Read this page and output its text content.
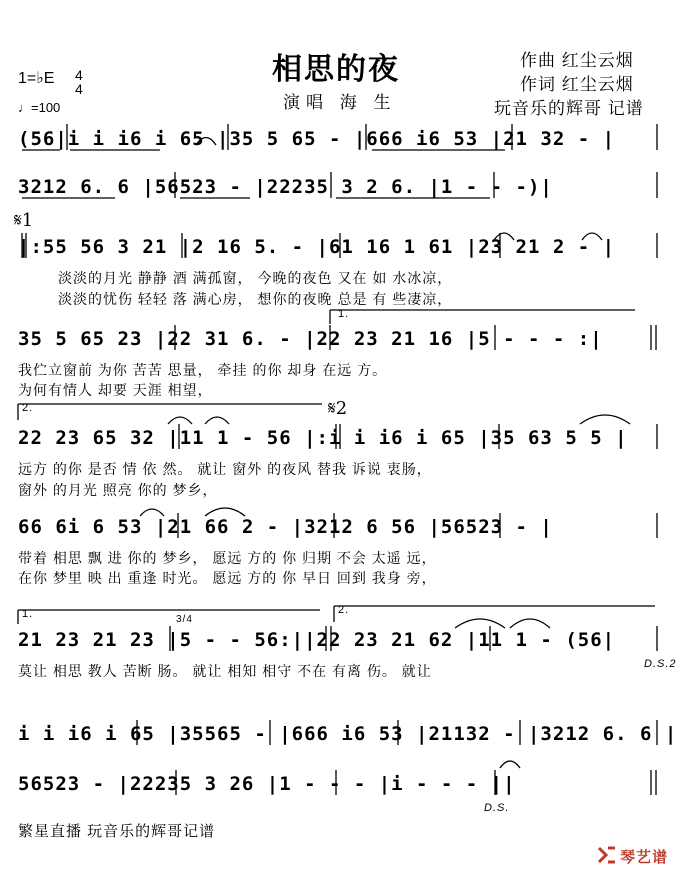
相思的夜
演唱 海 生
作曲 红尘云烟
作词 红尘云烟
玩音乐的辉哥 记谱
1=♭E 4
4
♩=100
(56|i i i6 i 65 |35 5 65 - |666 i6 53 |21 32 - |
3212 6. 6 |56523 - |22235 3 2 6. |1 - - -)|
𝄋1
|:55 56 3 21 |2 16 5. - |61 16 1 61 |23 21 2 - |
淡淡的月光 静静 酒 满孤窗， 今晚的夜色 又在 如 水冰凉，
淡淡的忧伤 轻轻 落 满心房， 想你的夜晚 总是 有 些凄凉，
1.
35 5 65 23 |22 31 6. - |22 23 21 16 |5 - - - :|
我伫立窗前 为你 苦苦 思量， 牵挂 的你 却身 在远 方。
为何有情人 却要 天涯 相望，
2.	𝄋2
22 23 65 32 |11 1 - 56 |:i i i6 i 65 |35 63 5 5 |
远方 的你 是否 情 依 然。 就让 窗外 的夜风 替我 诉说 衷肠，
窗外 的月光 照亮 你的 梦乡，
66 6i 6 53 |21 66 2 - |3212 6 56 |56523 - |
带着 相思 飘 进 你的 梦乡， 愿远 方的 你 归期 不会 太遥 远，
在你 梦里 映 出 重逢 时光。 愿远 方的 你 早日 回到 我身 旁，
1.	2.
3/4
21 23 21 23 |5 - - 56:||22 23 21 62 |11 1 - (56|
莫让 相思 教人 苦断 肠。 就让 相知 相守 不在 有离 伤。 就让	D.S.2
i i i6 i 65 |35565 - |666 i6 53 |21132 - |3212 6. 6 |
56523 - |22235 3 26 |1 - - - |i - - - ||
D.S.
繁星直播 玩音乐的辉哥记谱
琴艺谱
